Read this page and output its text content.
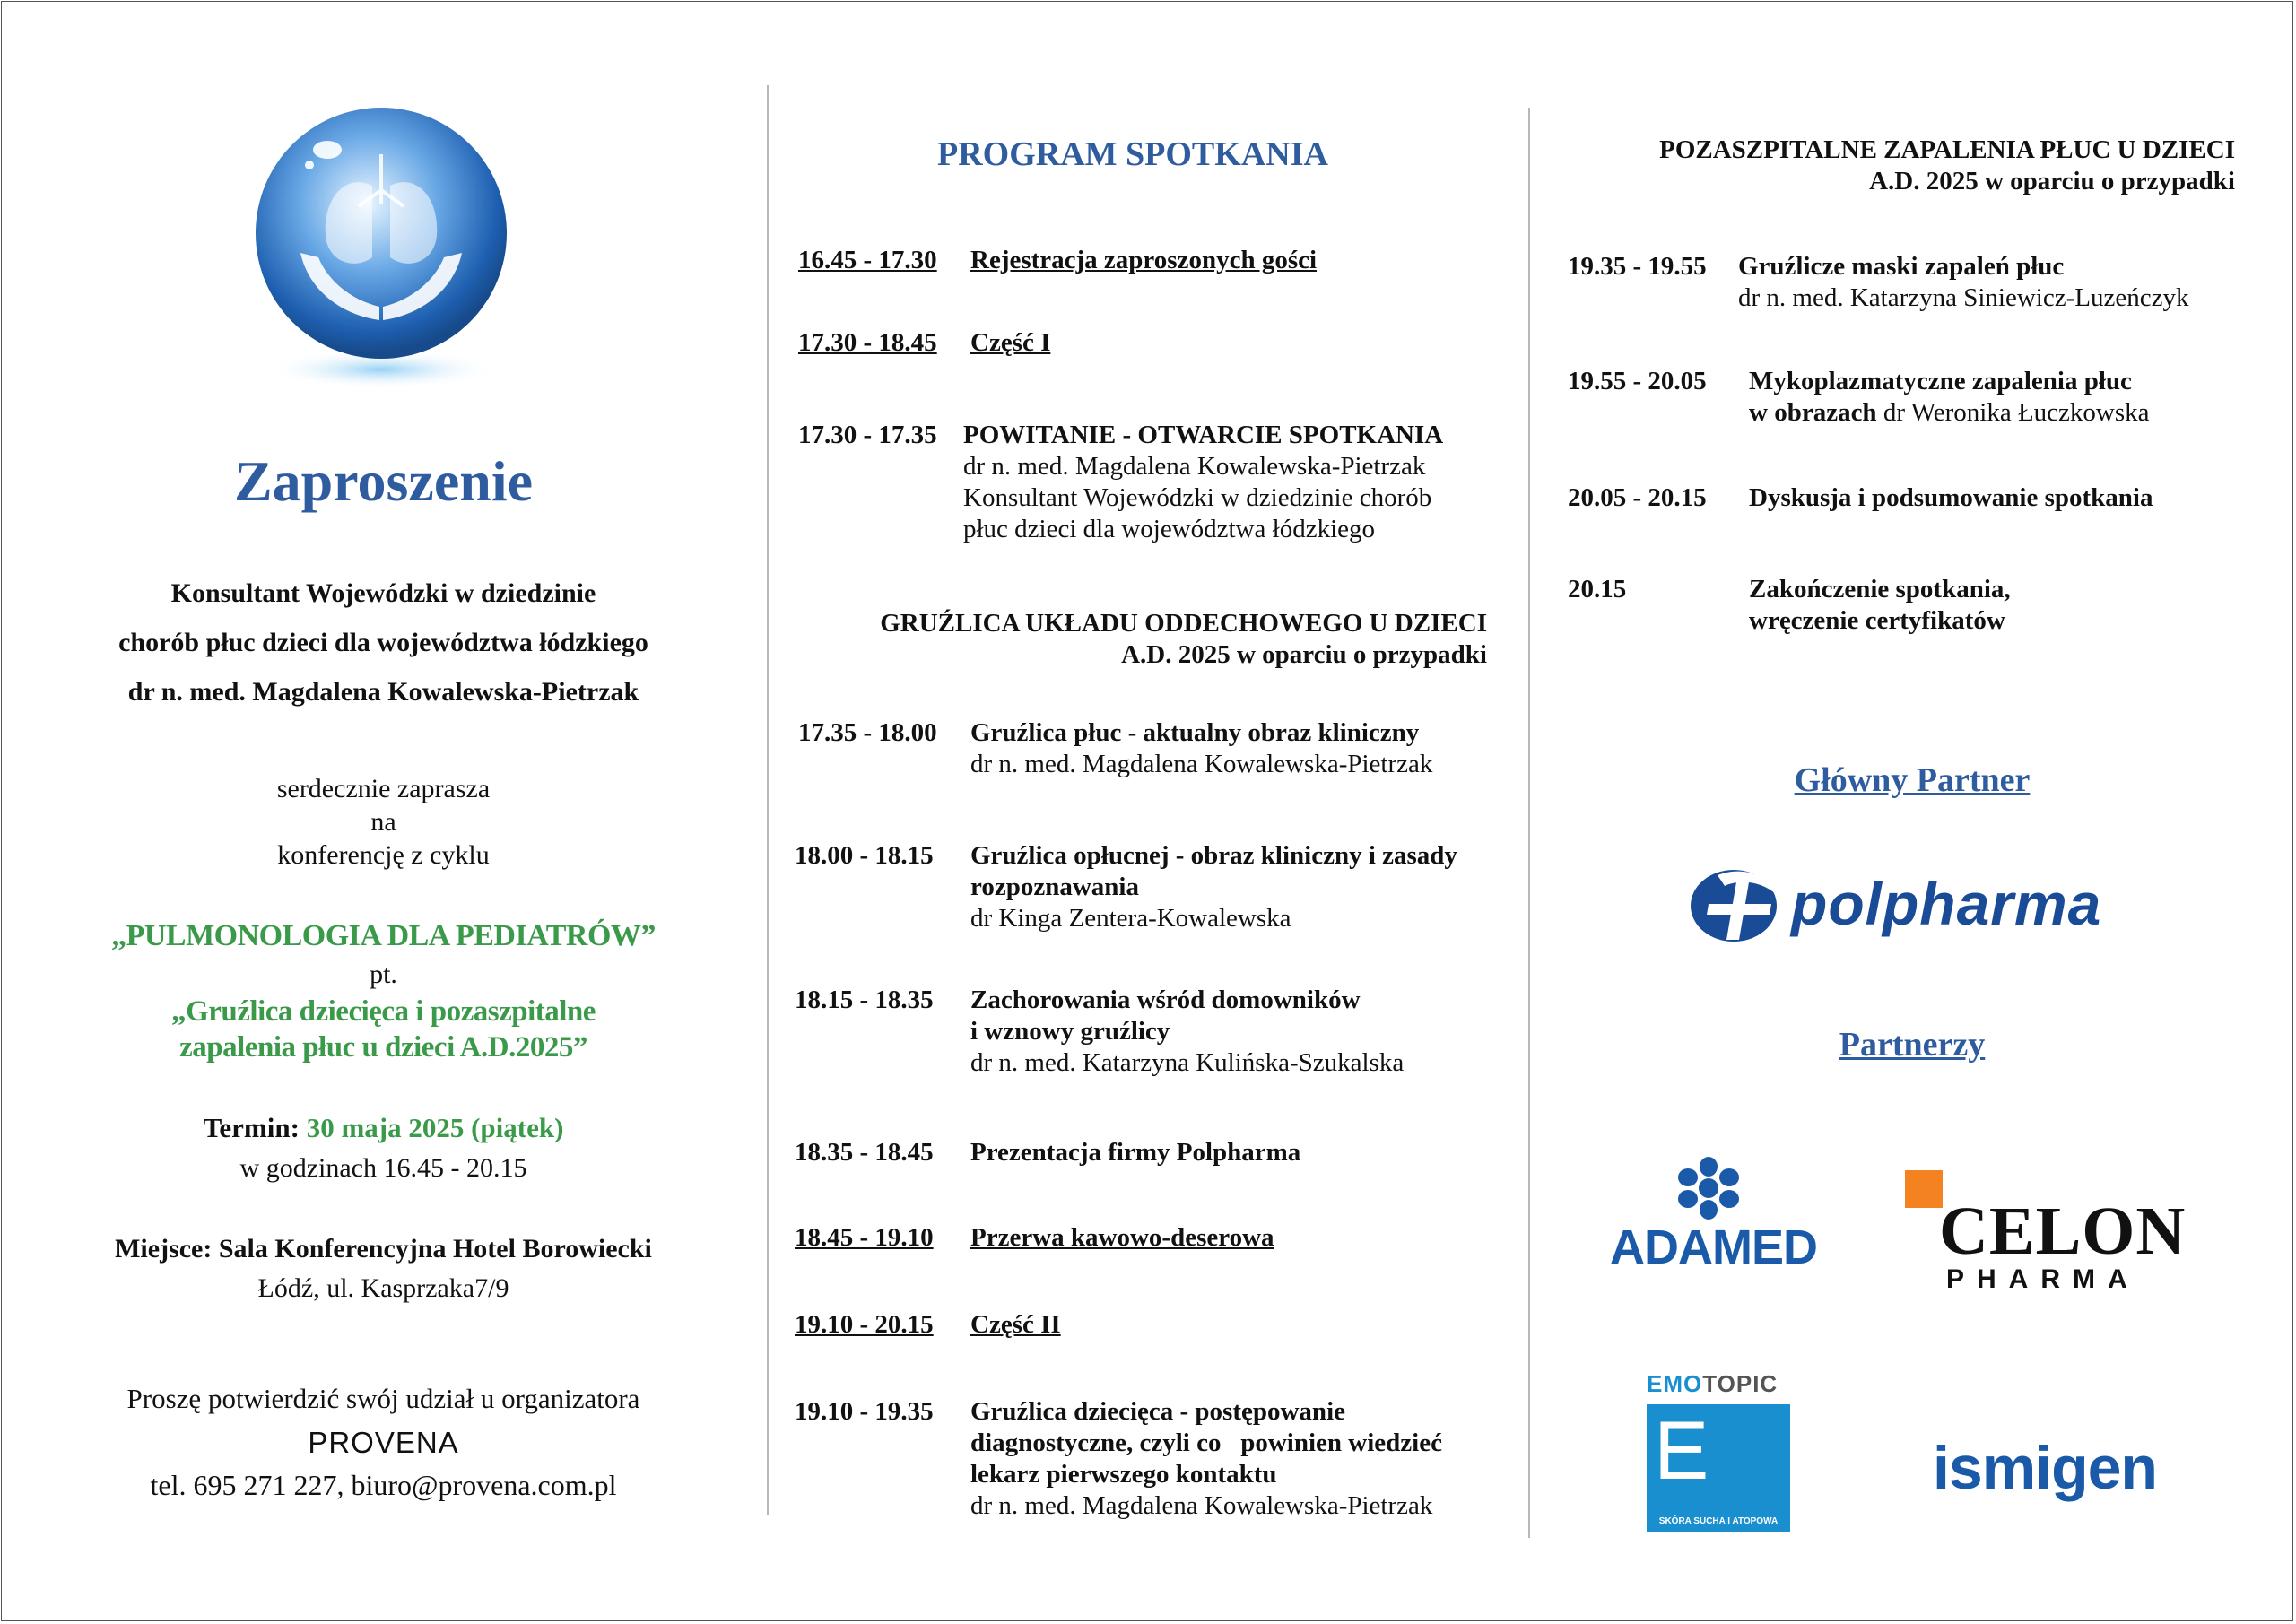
Zaproszenie
Konsultant Wojewódzki w dziedzinie
chorób płuc dzieci dla województwa łódzkiego
dr n. med. Magdalena Kowalewska-Pietrzak
serdecznie zaprasza
na
konferencję z cyklu
„PULMONOLOGIA DLA PEDIATRÓW”
pt.
„Gruźlica dziecięca i pozaszpitalne
zapalenia płuc u dzieci A.D.2025”
Termin: 30 maja 2025 (piątek)
w godzinach 16.45 - 20.15
Miejsce: Sala Konferencyjna Hotel Borowiecki
Łódź, ul. Kasprzaka7/9
Proszę potwierdzić swój udział u organizatora
PROVENA
tel. 695 271 227, biuro@provena.com.pl
PROGRAM SPOTKANIA
16.45 - 17.30 Rejestracja zaproszonych gości
17.30 - 18.45 Część I
17.30 - 17.35 POWITANIE - OTWARCIE SPOTKANIA
dr n. med. Magdalena Kowalewska-Pietrzak
Konsultant Wojewódzki w dziedzinie chorób
płuc dzieci dla województwa łódzkiego
GRUŹLICA UKŁADU ODDECHOWEGO U DZIECI
A.D. 2025 w oparciu o przypadki
17.35 - 18.00 Gruźlica płuc - aktualny obraz kliniczny
dr n. med. Magdalena Kowalewska-Pietrzak
18.00 - 18.15 Gruźlica opłucnej - obraz kliniczny i zasady
rozpoznawania
dr Kinga Zentera-Kowalewska
18.15 - 18.35 Zachorowania wśród domowników
i wznowy gruźlicy
dr n. med. Katarzyna Kulińska-Szukalska
18.35 - 18.45 Prezentacja firmy Polpharma
18.45 - 19.10 Przerwa kawowo-deserowa
19.10 - 20.15 Część II
19.10 - 19.35 Gruźlica dziecięca - postępowanie
diagnostyczne, czyli co   powinien wiedzieć
lekarz pierwszego kontaktu
dr n. med. Magdalena Kowalewska-Pietrzak
POZASZPITALNE ZAPALENIA PŁUC U DZIECI
A.D. 2025 w oparciu o przypadki
19.35 - 19.55 Gruźlicze maski zapaleń płuc
dr n. med. Katarzyna Siniewicz-Luzeńczyk
19.55 - 20.05 Mykoplazmatyczne zapalenia płuc
w obrazach dr Weronika Łuczkowska
20.05 - 20.15 Dyskusja i podsumowanie spotkania
20.15	Zakończenie spotkania,
wręczenie certyfikatów
Główny Partner
polpharma
Partnerzy
ADAMED CELON
PHARMA
EMOTOPIC
E
SKÓRA SUCHA I ATOPOWA
ismigen
